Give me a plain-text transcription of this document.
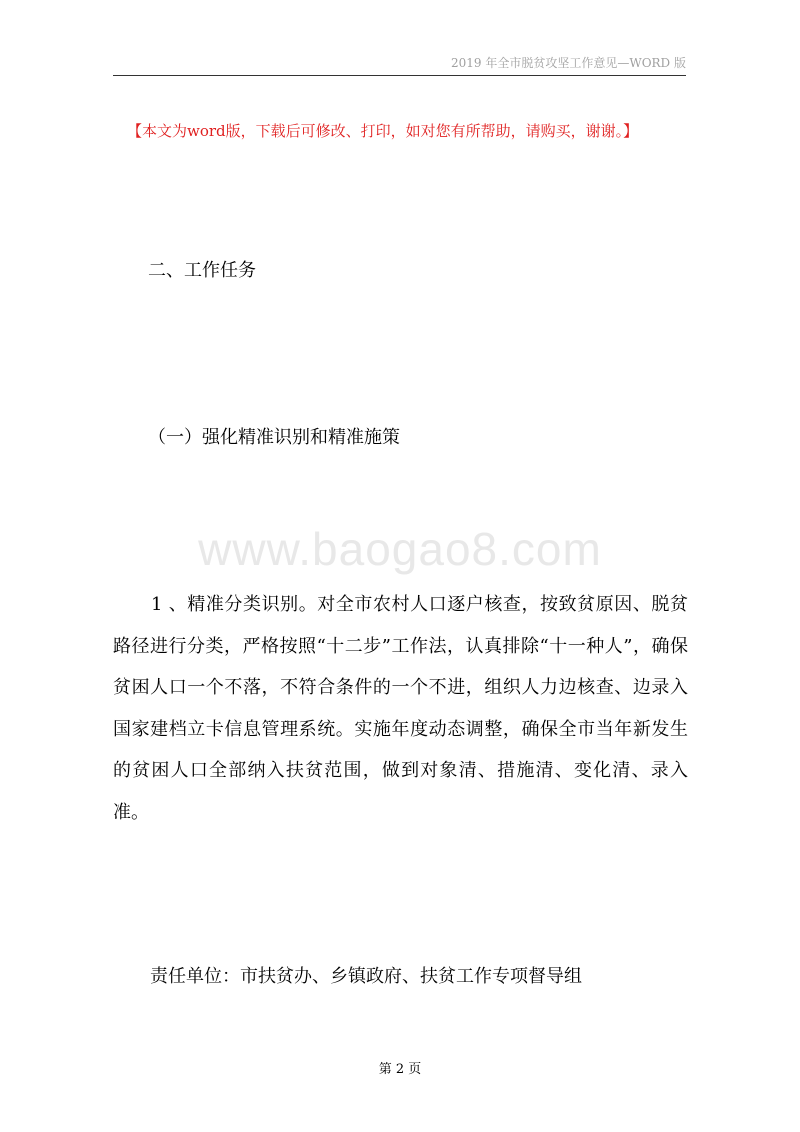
2019 年全市脱贫攻坚工作意见—WORD 版
【本文为word版，下载后可修改、打印，如对您有所帮助，请购买，谢谢。】
二、工作任务
（一）强化精准识别和精准施策
www.baogao8.com
1 、精准分类识别。对全市农村人口逐户核查，按致贫原因、脱贫路径进行分类，严格按照“十二步”工作法，认真排除“十一种人”，确保贫困人口一个不落，不符合条件的一个不进，组织人力边核查、边录入国家建档立卡信息管理系统。实施年度动态调整，确保全市当年新发生的贫困人口全部纳入扶贫范围，做到对象清、措施清、变化清、录入准。
责任单位：市扶贫办、乡镇政府、扶贫工作专项督导组
第 2 页
